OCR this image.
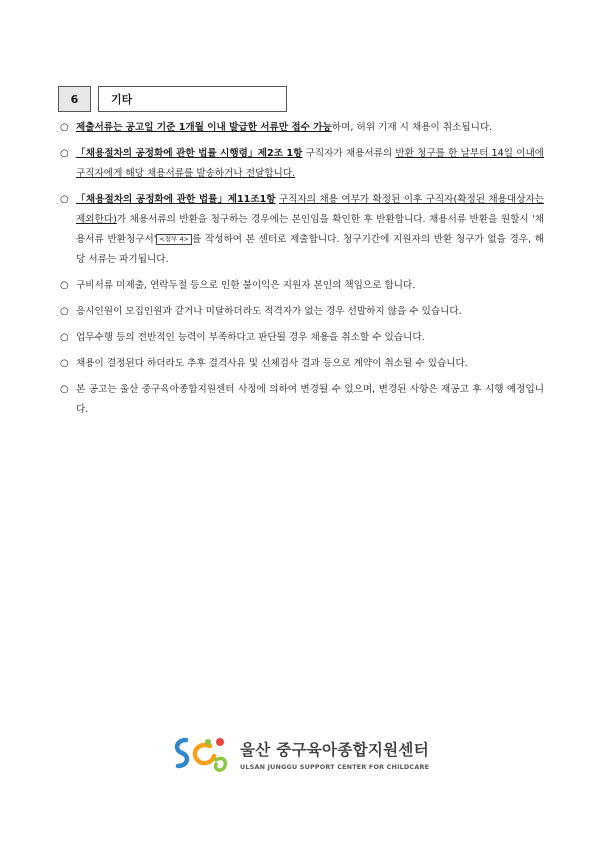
6	기타
○ 제출서류는 공고일 기준 1개월 이내 발급한 서류만 접수 가능하며, 허위 기재 시 채용이 취소됩니다.
○ 「채용절차의 공정화에 관한 법률 시행령」제2조 1항 구직자가 채용서류의 반환 청구를 한 날부터 14일 이내에 구직자에게 해당 채용서류를 발송하거나 전달합니다.
○ 「채용절차의 공정화에 관한 법률」제11조1항 구직자의 채용 여부가 확정된 이후 구직자(확정된 채용대상자는 제외한다)가 채용서류의 반환을 청구하는 경우에는 본인임을 확인한 후 반환합니다. 채용서류 반환을 원할시 '채용서류 반환청구서' <첨부 4> 를 작성하여 본 센터로 제출합니다. 청구기간에 지원자의 반환 청구가 없을 경우, 해당 서류는 파기됩니다.
○ 구비서류 미제출, 연락두절 등으로 인한 불이익은 지원자 본인의 책임으로 합니다.
○ 응시인원이 모집인원과 같거나 미달하더라도 적격자가 없는 경우 선발하지 않을 수 있습니다.
○ 업무수행 등의 전반적인 능력이 부족하다고 판단될 경우 채용을 취소할 수 있습니다.
○ 채용이 결정된다 하더라도 추후 결격사유 및 신체검사 결과 등으로 계약이 취소될 수 있습니다.
○ 본 공고는 울산 중구육아종합지원센터 사정에 의하여 변경될 수 있으며, 변경된 사항은 재공고 후 시행 예정입니다.
울산 중구육아종합지원센터
ULSAN JUNGGU SUPPORT CENTER FOR CHILDCARE
